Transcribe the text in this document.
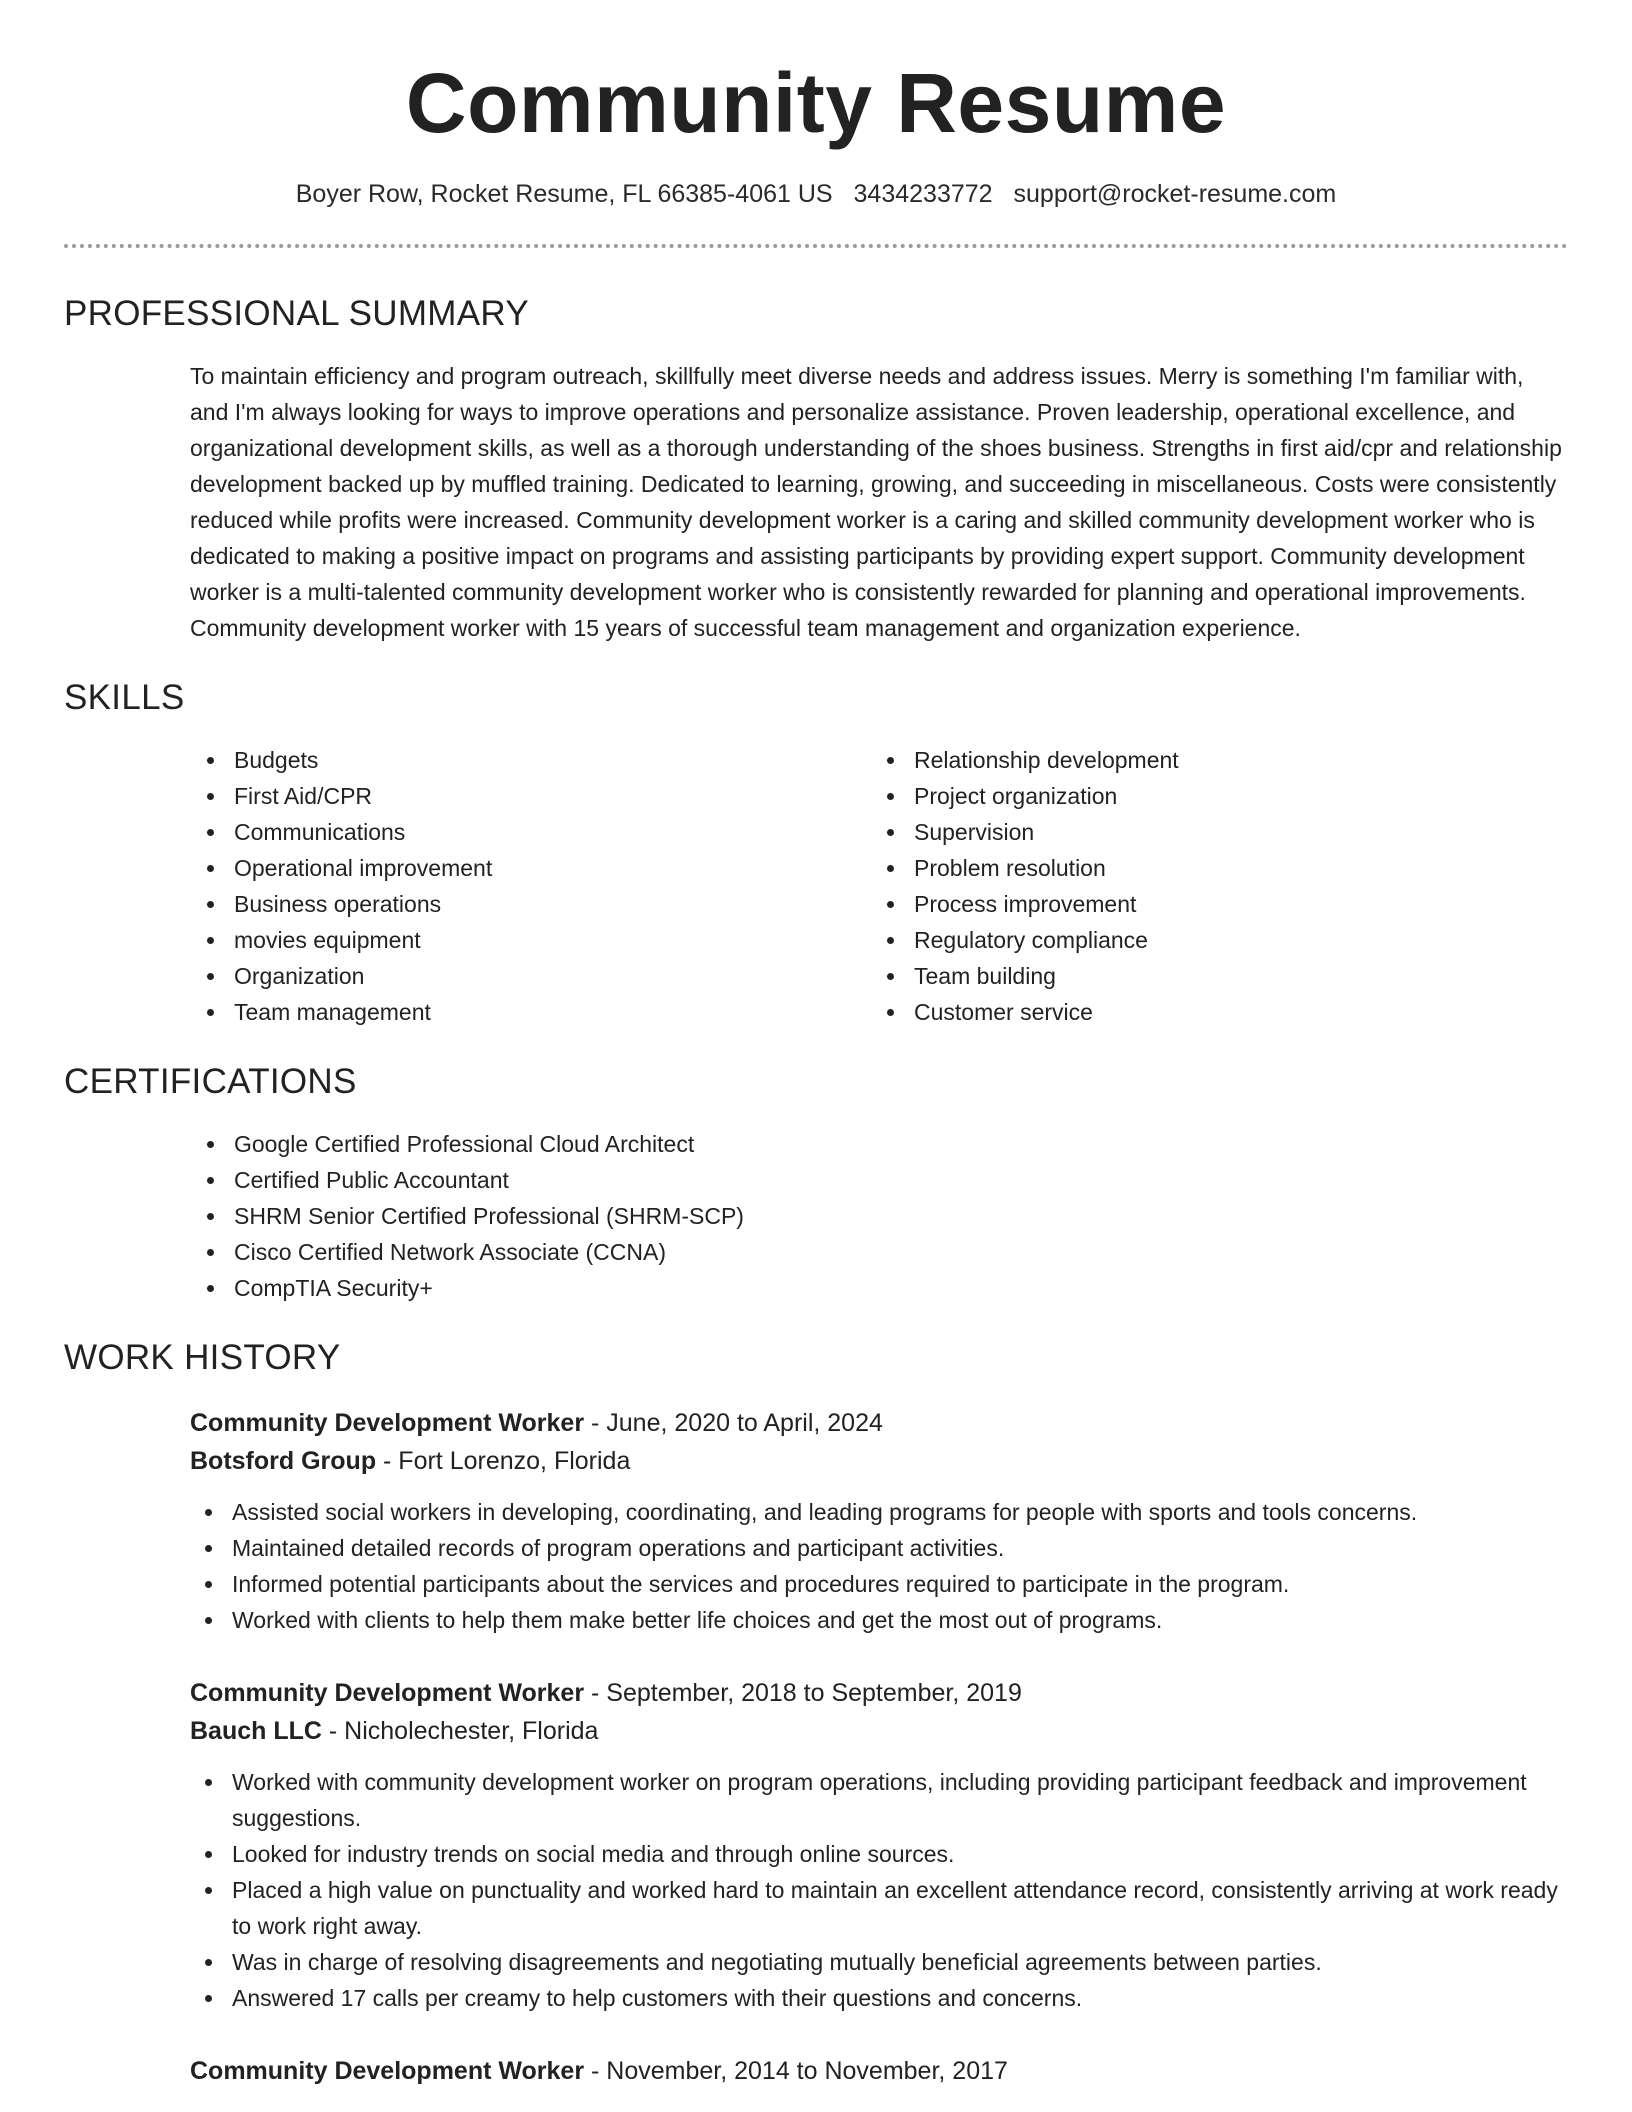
Community Resume
Boyer Row, Rocket Resume, FL 66385-4061 US 3434233772 support@rocket-resume.com
PROFESSIONAL SUMMARY

To maintain efficiency and program outreach, skillfully meet diverse needs and address issues. Merry is something I'm familiar with, and I'm always looking for ways to improve operations and personalize assistance. Proven leadership, operational excellence, and organizational development skills, as well as a thorough understanding of the shoes business. Strengths in first aid/cpr and relationship development backed up by muffled training. Dedicated to learning, growing, and succeeding in miscellaneous. Costs were consistently reduced while profits were increased. Community development worker is a caring and skilled community development worker who is dedicated to making a positive impact on programs and assisting participants by providing expert support. Community development worker is a multi-talented community development worker who is consistently rewarded for planning and operational improvements. Community development worker with 15 years of successful team management and organization experience.

SKILLS
Budgets
First Aid/CPR
Communications
Operational improvement
Business operations
movies equipment
Organization
Team management
Relationship development
Project organization
Supervision
Problem resolution
Process improvement
Regulatory compliance
Team building
Customer service
CERTIFICATIONS
Google Certified Professional Cloud Architect
Certified Public Accountant
SHRM Senior Certified Professional (SHRM-SCP)
Cisco Certified Network Associate (CCNA)
CompTIA Security+
WORK HISTORY
Community Development Worker - June, 2020 to April, 2024
Botsford Group - Fort Lorenzo, Florida
Assisted social workers in developing, coordinating, and leading programs for people with sports and tools concerns.
Maintained detailed records of program operations and participant activities.
Informed potential participants about the services and procedures required to participate in the program.
Worked with clients to help them make better life choices and get the most out of programs.
Community Development Worker - September, 2018 to September, 2019
Bauch LLC - Nicholechester, Florida
Worked with community development worker on program operations, including providing participant feedback and improvement suggestions.
Looked for industry trends on social media and through online sources.
Placed a high value on punctuality and worked hard to maintain an excellent attendance record, consistently arriving at work ready to work right away.
Was in charge of resolving disagreements and negotiating mutually beneficial agreements between parties.
Answered 17 calls per creamy to help customers with their questions and concerns.
Community Development Worker - November, 2014 to November, 2017
